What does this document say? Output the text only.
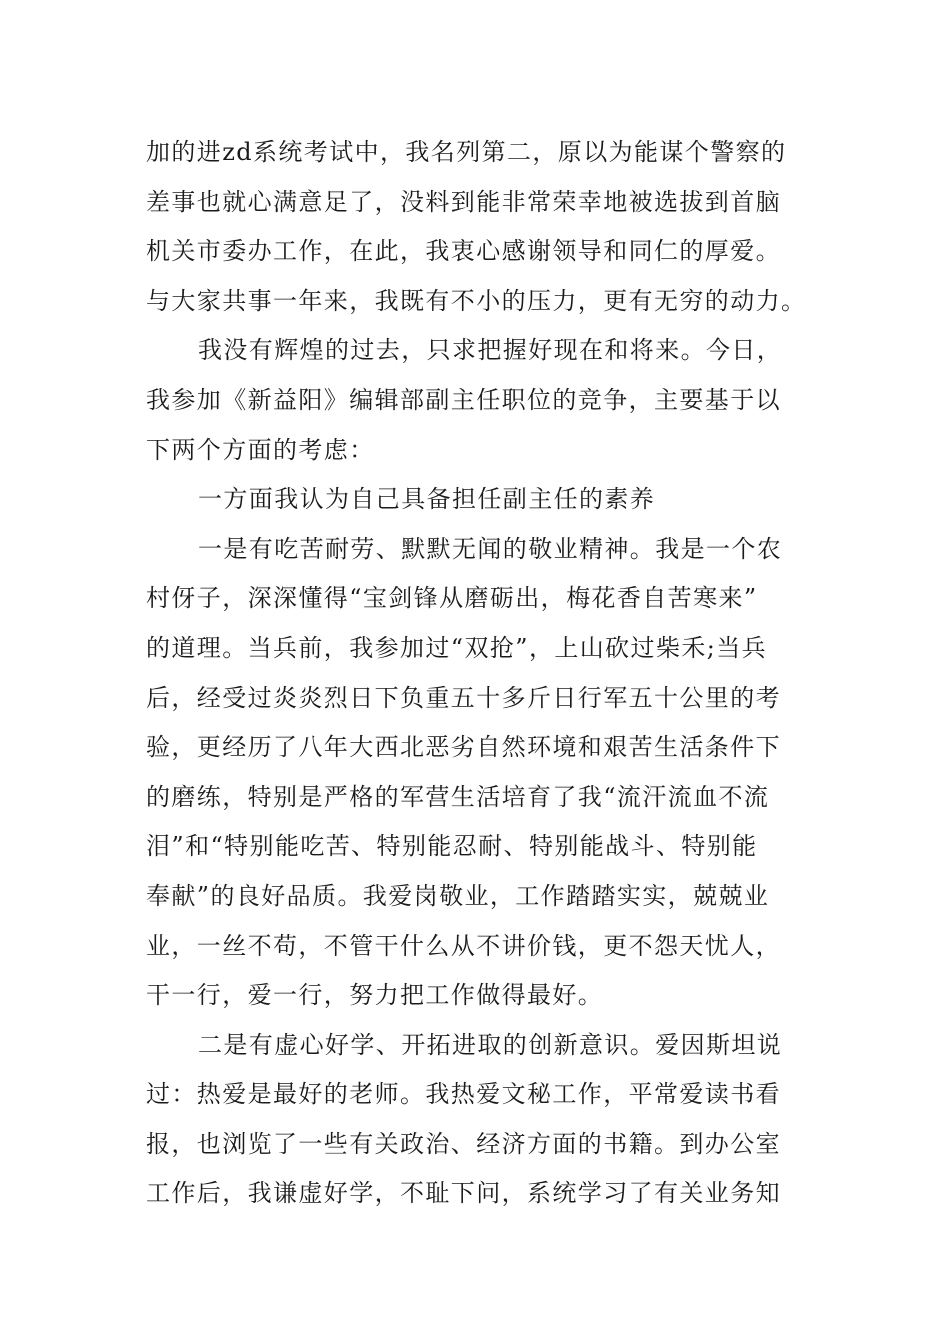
加的进zd系统考试中，我名列第二，原以为能谋个警察的
差事也就心满意足了，没料到能非常荣幸地被选拔到首脑
机关市委办工作，在此，我衷心感谢领导和同仁的厚爱。
与大家共事一年来，我既有不小的压力，更有无穷的动力。
我没有辉煌的过去，只求把握好现在和将来。今日，
我参加《新益阳》编辑部副主任职位的竞争，主要基于以
下两个方面的考虑：
一方面我认为自己具备担任副主任的素养
一是有吃苦耐劳、默默无闻的敬业精神。我是一个农
村伢子，深深懂得“宝剑锋从磨砺出，梅花香自苦寒来”
的道理。当兵前，我参加过“双抢”，上山砍过柴禾;当兵
后，经受过炎炎烈日下负重五十多斤日行军五十公里的考
验，更经历了八年大西北恶劣自然环境和艰苦生活条件下
的磨练，特别是严格的军营生活培育了我“流汗流血不流
泪”和“特别能吃苦、特别能忍耐、特别能战斗、特别能
奉献”的良好品质。我爱岗敬业，工作踏踏实实，兢兢业
业，一丝不苟，不管干什么从不讲价钱，更不怨天忧人，
干一行，爱一行，努力把工作做得最好。
二是有虚心好学、开拓进取的创新意识。爱因斯坦说
过：热爱是最好的老师。我热爱文秘工作，平常爱读书看
报，也浏览了一些有关政治、经济方面的书籍。到办公室
工作后，我谦虚好学，不耻下问，系统学习了有关业务知
